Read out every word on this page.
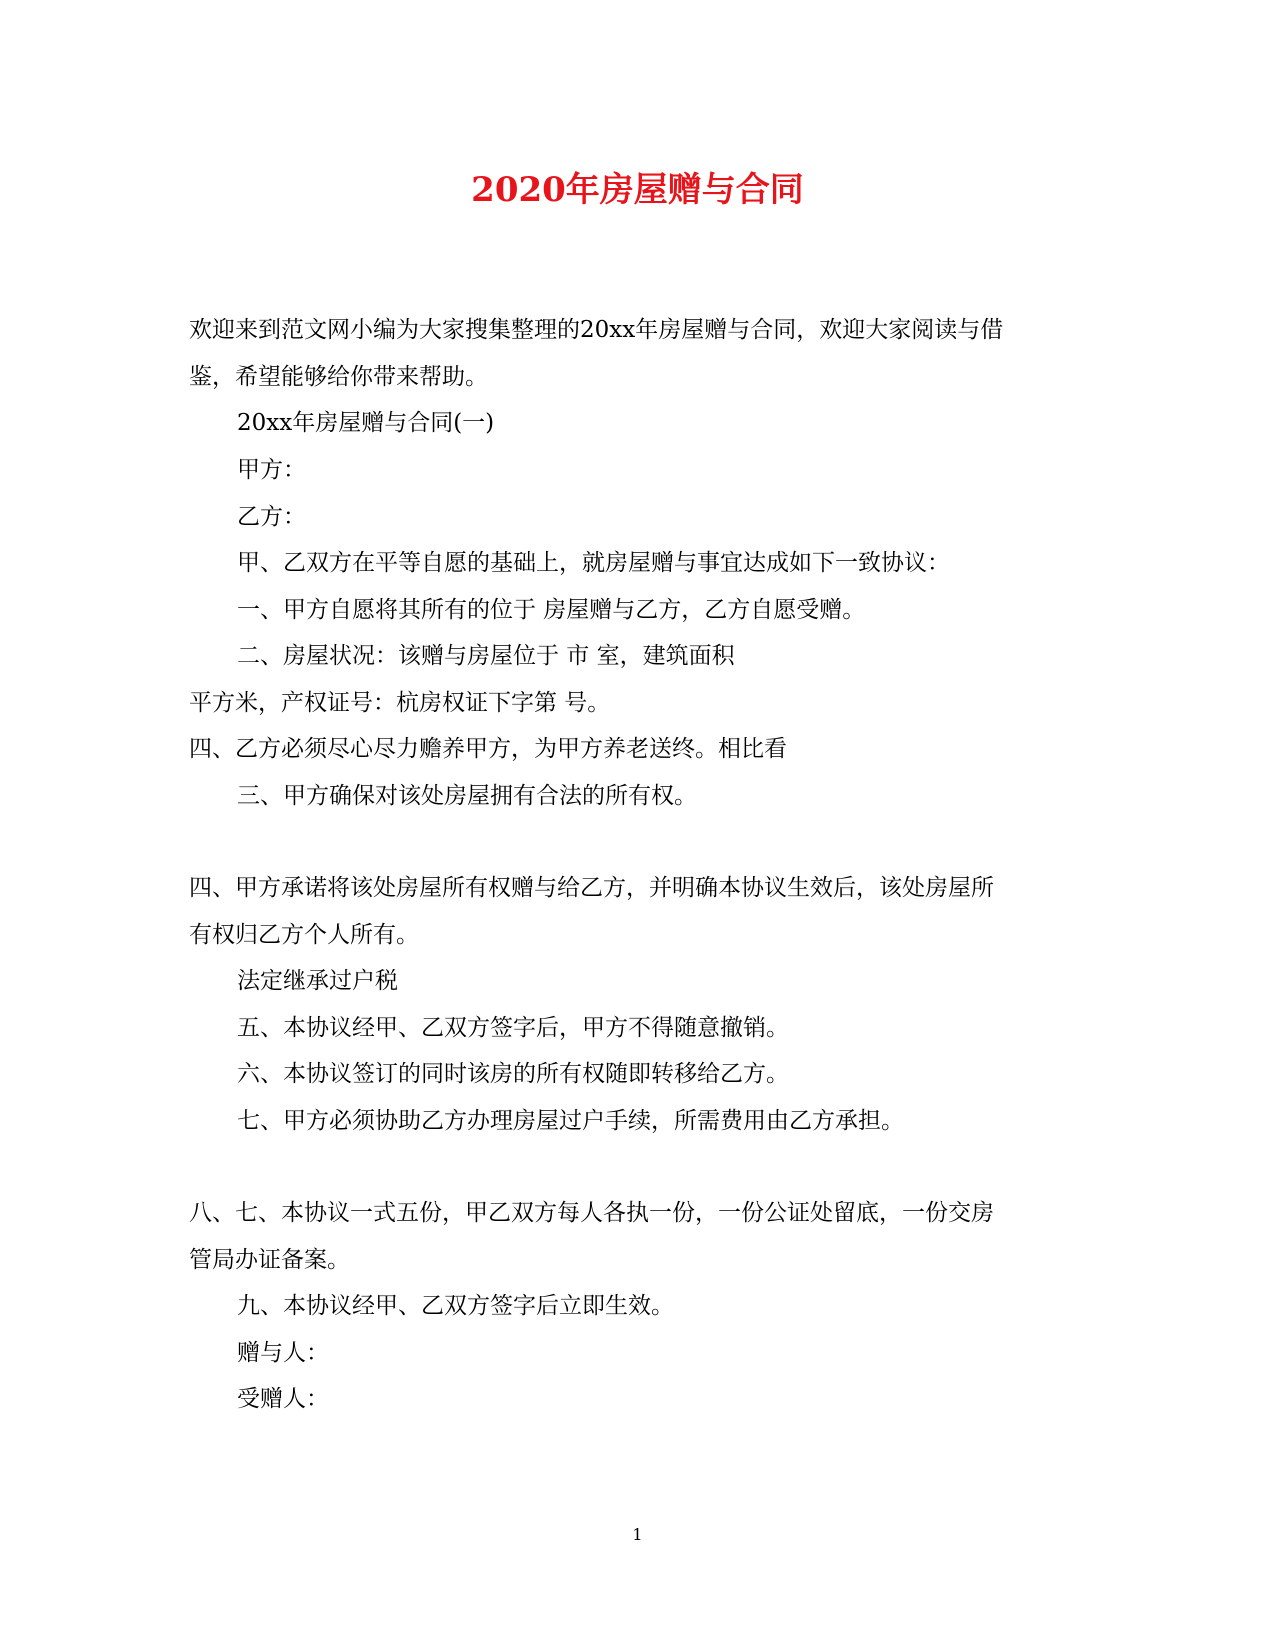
2020年房屋赠与合同
欢迎来到范文网小编为大家搜集整理的20xx年房屋赠与合同，欢迎大家阅读与借
鉴，希望能够给你带来帮助。
20xx年房屋赠与合同(一)
甲方：
乙方：
甲、乙双方在平等自愿的基础上，就房屋赠与事宜达成如下一致协议：
一、甲方自愿将其所有的位于 房屋赠与乙方，乙方自愿受赠。
二、房屋状况：该赠与房屋位于 市 室，建筑面积
平方米，产权证号：杭房权证下字第 号。
四、乙方必须尽心尽力赡养甲方，为甲方养老送终。相比看
三、甲方确保对该处房屋拥有合法的所有权。
四、甲方承诺将该处房屋所有权赠与给乙方，并明确本协议生效后，该处房屋所
有权归乙方个人所有。
法定继承过户税
五、本协议经甲、乙双方签字后，甲方不得随意撤销。
六、本协议签订的同时该房的所有权随即转移给乙方。
七、甲方必须协助乙方办理房屋过户手续，所需费用由乙方承担。
八、七、本协议一式五份，甲乙双方每人各执一份，一份公证处留底，一份交房
管局办证备案。
九、本协议经甲、乙双方签字后立即生效。
赠与人：
受赠人：
1
